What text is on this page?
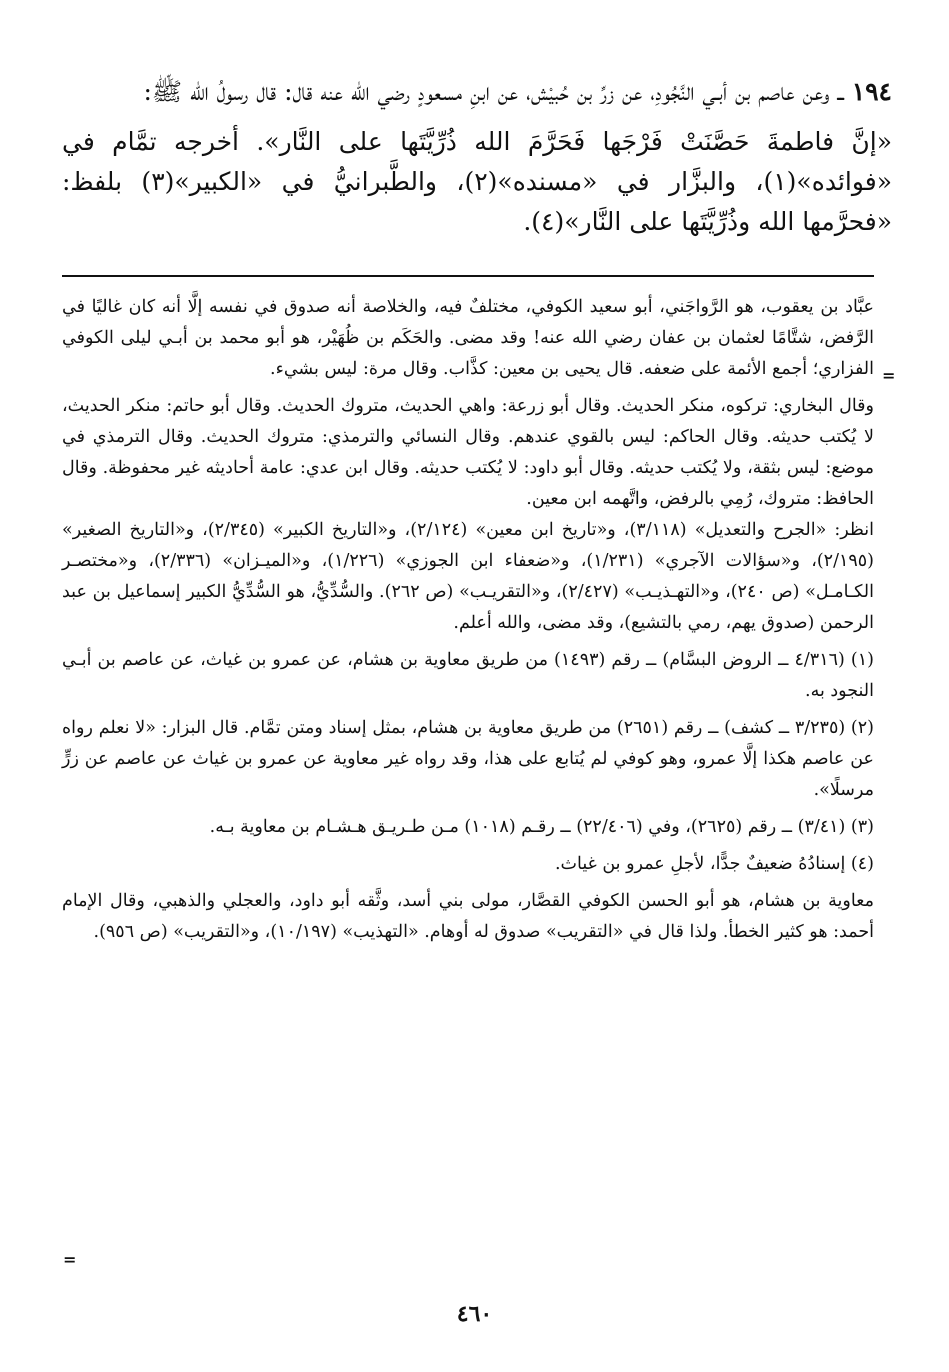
١٩٤ ــ وعن عاصم بن أبـي النَّجُودِ، عن زرِّ بن حُبيْش، عن ابنِ مسعودٍ رضي الله عنه قال: قال رسولُ الله ﷺ:

«إنَّ فاطمةَ حَصَّنَتْ فَرْجَها فَحَرَّمَ الله ذُرِّيَّتَها على النَّار». أخرجه تمَّام في «فوائده»(١)، والبزَّار في «مسنده»(٢)، والطَّبرانيُّ في «الكبير»(٣) بلفظ: «فحرَّمها الله وذُرِّيَّتَها على النَّار»(٤).

عبَّاد بن يعقوب، هو الرَّواجَني، أبو سعيد الكوفي، مختلفٌ فيه، والخلاصة أنه صدوق في نفسه إلَّا أنه كان غاليًا في الرَّفض، شتَّامًا لعثمان بن عفان رضي الله عنه! وقد مضى. والحَكَم بن ظُهَيْر، هو أبو محمد بن أبـي ليلى الكوفي الفزاري؛ أجمع الأئمة على ضعفه. قال يحيى بن معين: كذَّاب. وقال مرة: ليس بشيء.

وقال البخاري: تركوه، منكر الحديث. وقال أبو زرعة: واهي الحديث، متروك الحديث. وقال أبو حاتم: منكر الحديث، لا يُكتب حديثه. وقال الحاكم: ليس بالقوي عندهم. وقال النسائي والترمذي: متروك الحديث. وقال الترمذي في موضع: ليس بثقة، ولا يُكتب حديثه. وقال أبو داود: لا يُكتب حديثه. وقال ابن عدي: عامة أحاديثه غير محفوظة. وقال الحافظ: متروك، رُمِي بالرفض، واتَّهمه ابن معين.

انظر: «الجرح والتعديل» (٣/١١٨)، و«تاريخ ابن معين» (٢/١٢٤)، و«التاريخ الكبير» (٢/٣٤٥)، و«التاريخ الصغير» (٢/١٩٥)، و«سؤالات الآجري» (١/٢٣١)، و«ضعفاء ابن الجوزي» (١/٢٢٦)، و«الميـزان» (٢/٣٣٦)، و«مختصـر الكـامـل» (ص ٢٤٠)، و«التهـذيـب» (٢/٤٢٧)، و«التقريـب» (ص ٢٦٢). والسُّدِّيُّ، هو السُّدِّيُّ الكبير إسماعيل بن عبد الرحمن (صدوق يهم، رمي بالتشيع)، وقد مضى، والله أعلم.

(١) (٤/٣١٦ ــ الروض البسَّام) ــ رقم (١٤٩٣) من طريق معاوية بن هشام، عن عمرو بن غياث، عن عاصم بن أبـي النجود به.

(٢) (٣/٢٣٥ ــ كشف) ــ رقم (٢٦٥١) من طريق معاوية بن هشام، بمثل إسناد ومتن تمَّام. قال البزار: «لا نعلم رواه عن عاصم هكذا إلَّا عمرو، وهو كوفي لم يُتابع على هذا، وقد رواه غير معاوية عن عمرو بن غياث عن عاصم عن زرٍّ مرسلًا».

(٣) (٣/٤١) ــ رقم (٢٦٢٥)، وفي (٢٢/٤٠٦) ــ رقـم (١٠١٨) مـن طـريـق هـشـام بن معاوية بـه.

(٤) إسنادُهُ ضعيفٌ جدًّا، لأجلِ عمرو بن غياث.

معاوية بن هشام، هو أبو الحسن الكوفي القصَّار، مولى بني أسد، وثَّقه أبو داود، والعجلي والذهبي، وقال الإمام أحمد: هو كثير الخطأ. ولذا قال في «التقريب» صدوق له أوهام. «التهذيب» (١٠/١٩٧)، و«التقريب» (ص ٩٥٦).

=
=
٤٦٠
